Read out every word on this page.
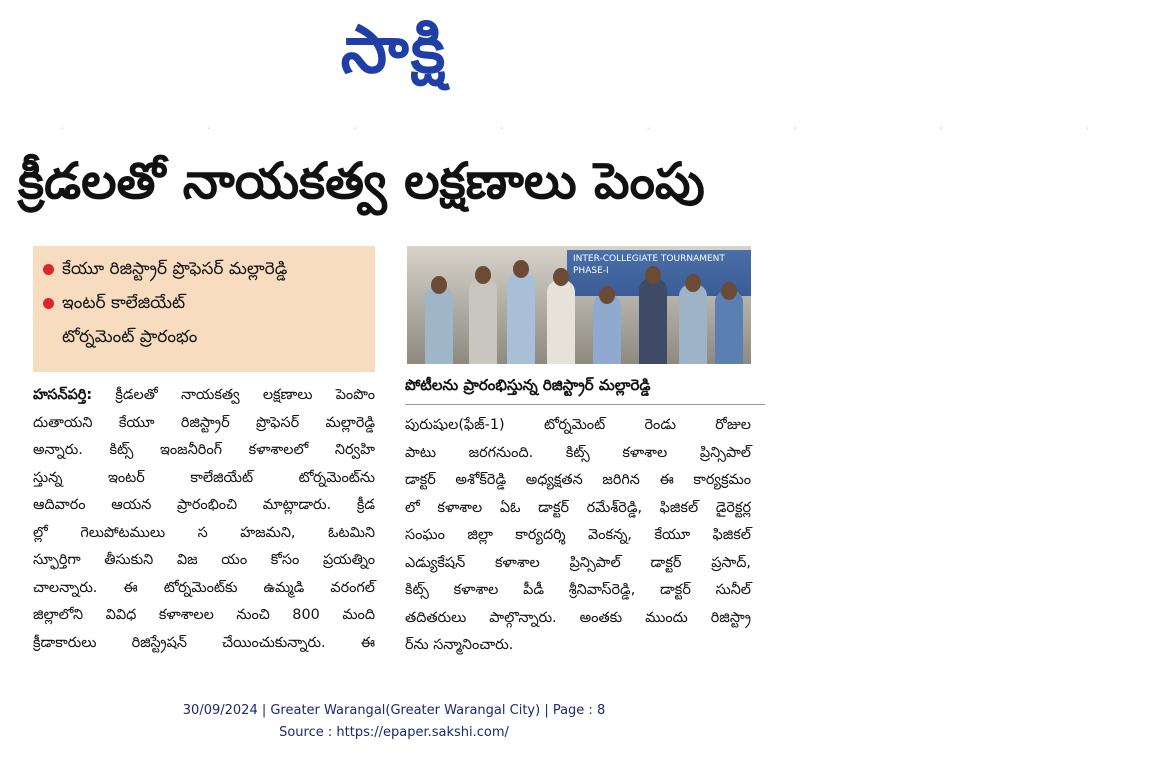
సాక్షి
˙ ˙ ˙ ˙ ˙ ˙ ˙ ˙
క్రీడలతో నాయకత్వ లక్షణాలు పెంపు
కేయూ రిజిస్ట్రార్ ప్రొఫెసర్ మల్లారెడ్డి
ఇంటర్ కాలేజియేట్
టోర్నమెంట్ ప్రారంభం
INTER-COLLEGIATE TOURNAMENT PHASE-I
పోటీలను ప్రారంభిస్తున్న రిజిస్ట్రార్ మల్లారెడ్డి
హసన్‌పర్తి: క్రీడలతో నాయకత్వ లక్షణాలు పెంపొం
దుతాయని కేయూ రిజిస్ట్రార్ ప్రొఫెసర్ మల్లారెడ్డి
అన్నారు. కిట్స్ ఇంజనీరింగ్ కళాశాలలో నిర్వహి
స్తున్న ఇంటర్ కాలేజియేట్ టోర్నమెంట్‌ను
ఆదివారం ఆయన ప్రారంభించి మాట్లాడారు. క్రీడ
ల్లో గెలుపోటములు స హజమని, ఓటమిని
స్ఫూర్తిగా తీసుకుని విజ యం కోసం ప్రయత్నిం
చాలన్నారు. ఈ టోర్నమెంట్‌కు ఉమ్మడి వరంగల్
జిల్లాలోని వివిధ కళాశాలల నుంచి 800 మంది
క్రీడాకారులు రిజిస్ట్రేషన్ చేయించుకున్నారు. ఈ
పురుషుల(ఫేజ్-1) టోర్నమెంట్ రెండు రోజుల
పాటు జరగనుంది. కిట్స్ కళాశాల ప్రిన్సిపాల్
డాక్టర్ అశోక్‌రెడ్డి అధ్యక్షతన జరిగిన ఈ కార్యక్రమం
లో కళాశాల ఏఓ డాక్టర్ రమేశ్‌రెడ్డి, ఫిజికల్ డైరెక్టర్ల
సంఘం జిల్లా కార్యదర్శి వెంకన్న, కేయూ ఫిజికల్
ఎడ్యుకేషన్ కళాశాల ప్రిన్సిపాల్ డాక్టర్ ప్రసాద్,
కిట్స్ కళాశాల పీడీ శ్రీనివాస్‌రెడ్డి, డాక్టర్ సునీల్
తదితరులు పాల్గొన్నారు. అంతకు ముందు రిజిస్ట్రా
ర్‌ను సన్మానించారు.
30/09/2024 | Greater Warangal(Greater Warangal City) | Page : 8
Source : https://epaper.sakshi.com/
